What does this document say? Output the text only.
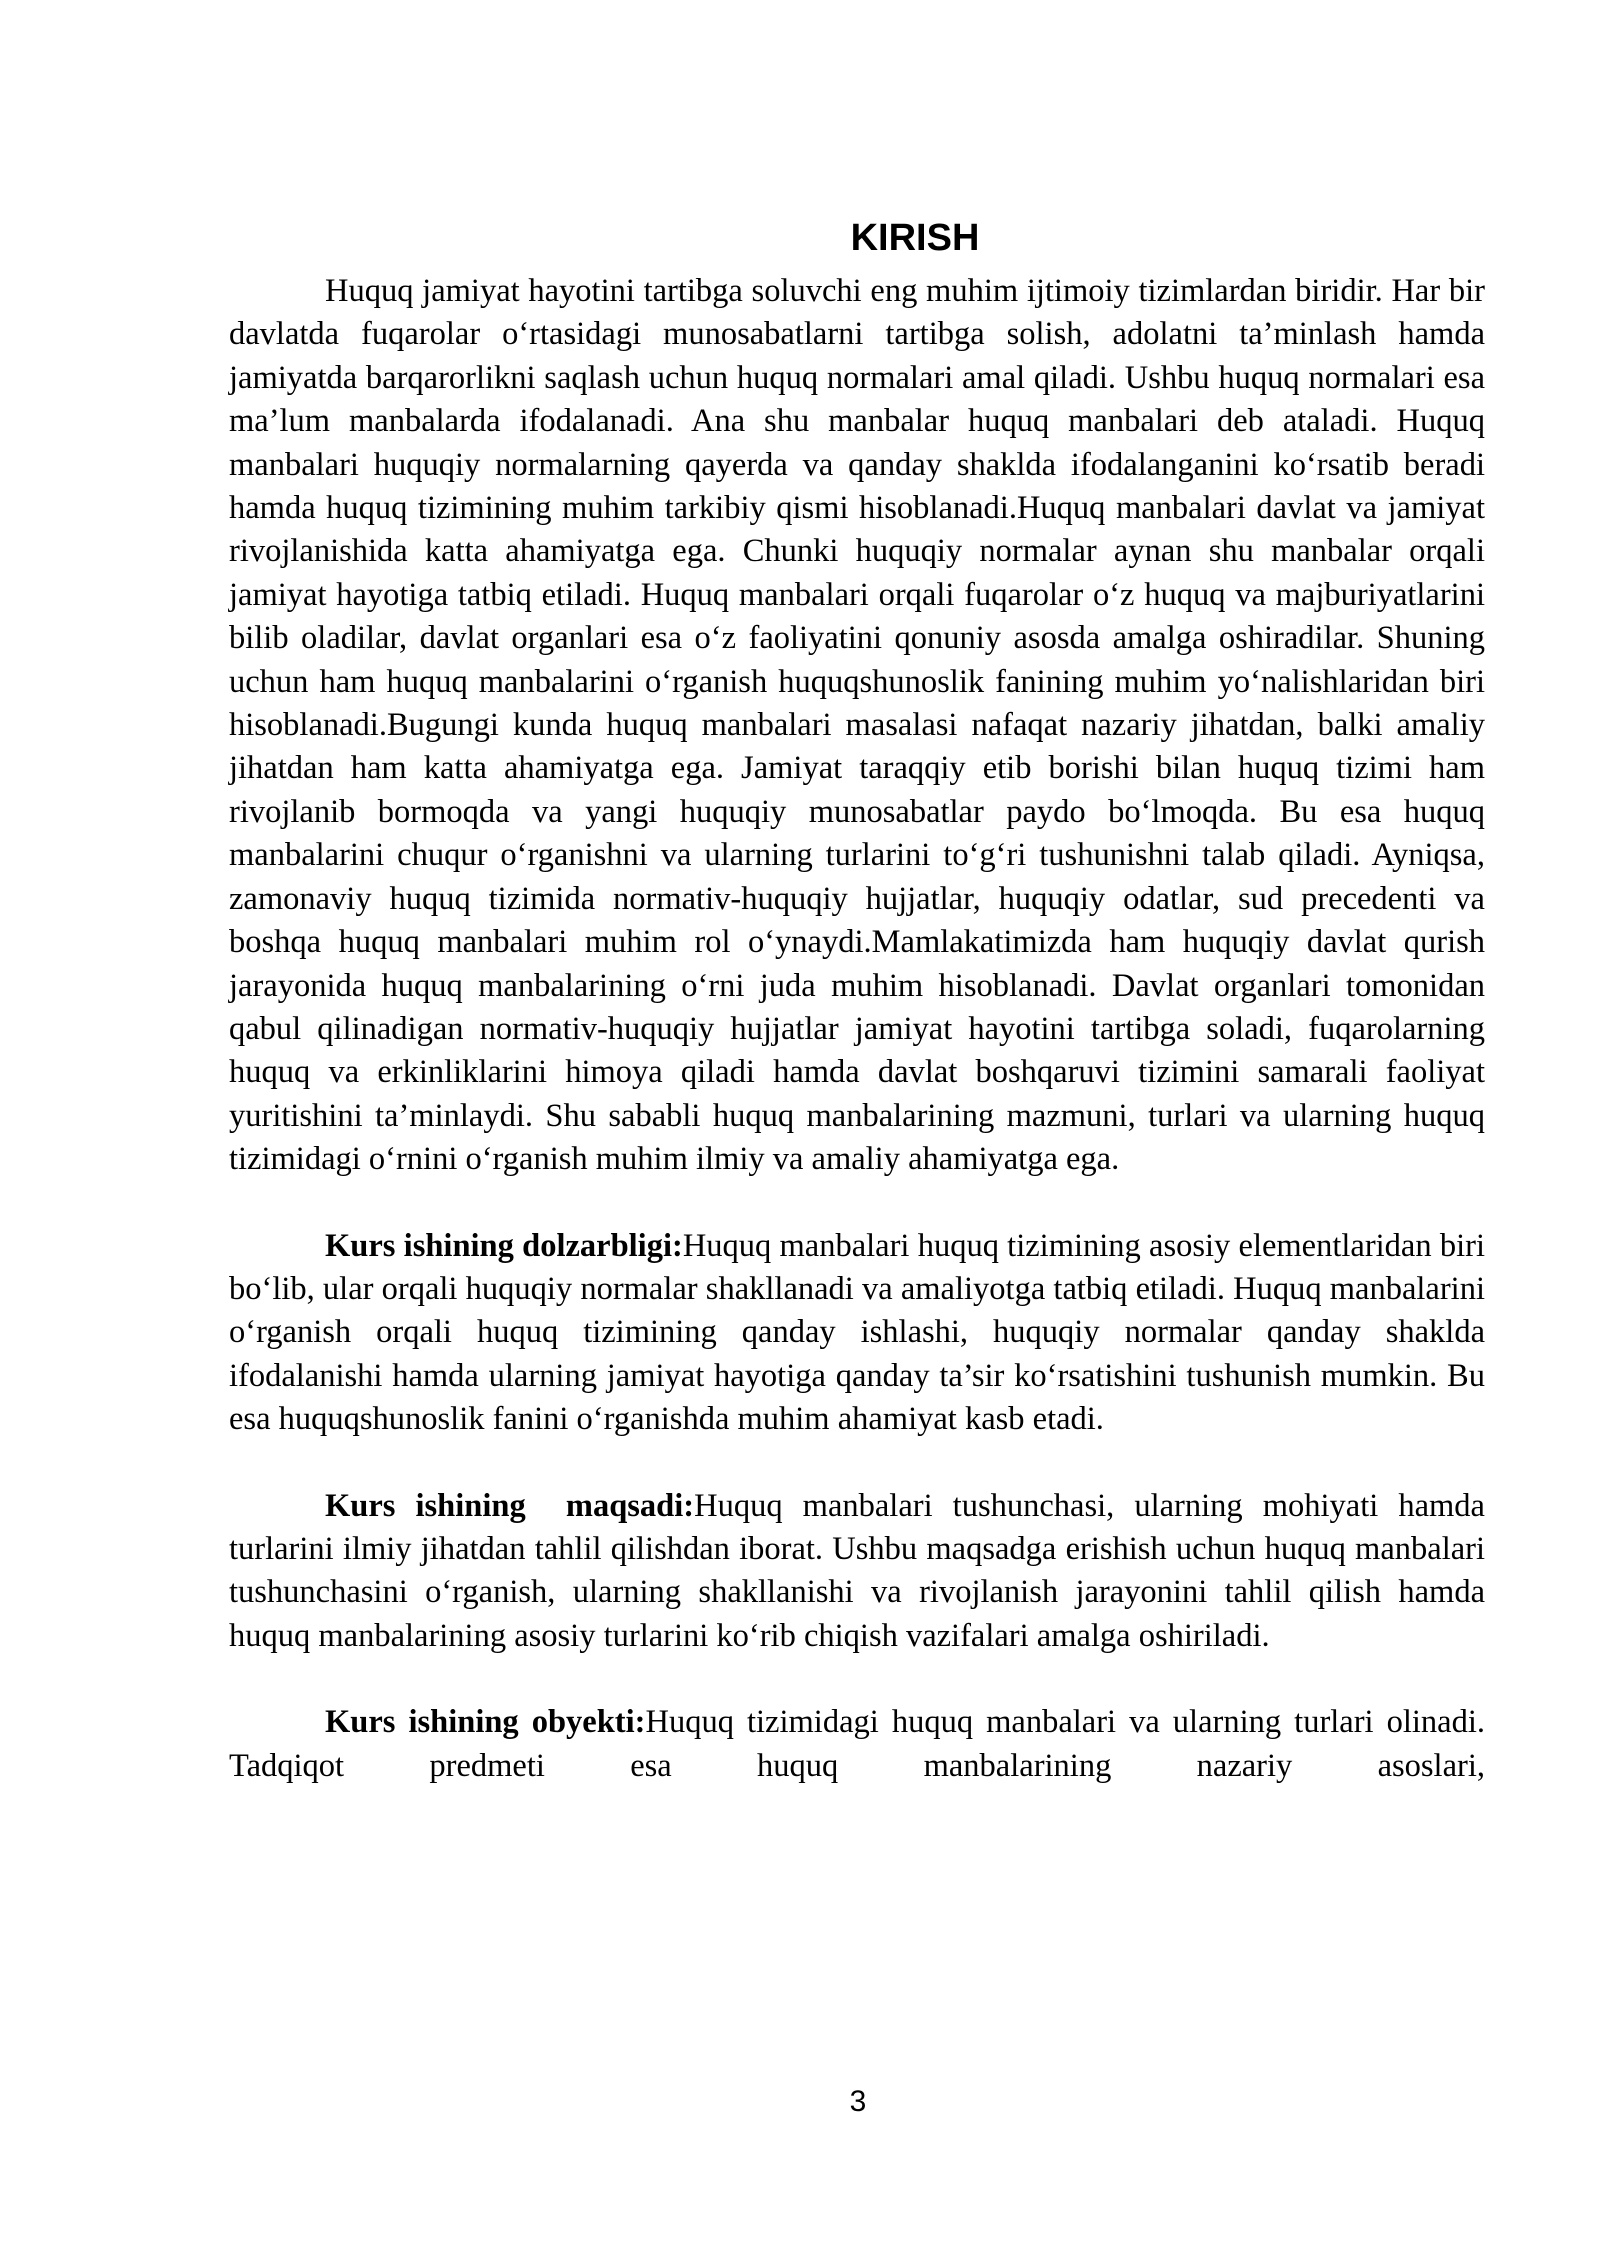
KIRISH

Huquq jamiyat hayotini tartibga soluvchi eng muhim ijtimoiy tizimlardan biridir. Har bir davlatda fuqarolar o‘rtasidagi munosabatlarni tartibga solish, adolatni ta’minlash hamda jamiyatda barqarorlikni saqlash uchun huquq normalari amal qiladi. Ushbu huquq normalari esa ma’lum manbalarda ifodalanadi. Ana shu manbalar huquq manbalari deb ataladi. Huquq manbalari huquqiy normalarning qayerda va qanday shaklda ifodalanganini ko‘rsatib beradi hamda huquq tizimining muhim tarkibiy qismi hisoblanadi.Huquq manbalari davlat va jamiyat rivojlanishida katta ahamiyatga ega. Chunki huquqiy normalar aynan shu manbalar orqali jamiyat hayotiga tatbiq etiladi. Huquq manbalari orqali fuqarolar o‘z huquq va majburiyatlarini bilib oladilar, davlat organlari esa o‘z faoliyatini qonuniy asosda amalga oshiradilar. Shuning uchun ham huquq manbalarini o‘rganish huquqshunoslik fanining muhim yo‘nalishlaridan biri hisoblanadi.Bugungi kunda huquq manbalari masalasi nafaqat nazariy jihatdan, balki amaliy jihatdan ham katta ahamiyatga ega. Jamiyat taraqqiy etib borishi bilan huquq tizimi ham rivojlanib bormoqda va yangi huquqiy munosabatlar paydo bo‘lmoqda. Bu esa huquq manbalarini chuqur o‘rganishni va ularning turlarini to‘g‘ri tushunishni talab qiladi. Ayniqsa, zamonaviy huquq tizimida normativ-huquqiy hujjatlar, huquqiy odatlar, sud precedenti va boshqa huquq manbalari muhim rol o‘ynaydi.Mamlakatimizda ham huquqiy davlat qurish jarayonida huquq manbalarining o‘rni juda muhim hisoblanadi. Davlat organlari tomonidan qabul qilinadigan normativ-huquqiy hujjatlar jamiyat hayotini tartibga soladi, fuqarolarning huquq va erkinliklarini himoya qiladi hamda davlat boshqaruvi tizimini samarali faoliyat yuritishini ta’minlaydi. Shu sababli huquq manbalarining mazmuni, turlari va ularning huquq tizimidagi o‘rnini o‘rganish muhim ilmiy va amaliy ahamiyatga ega.

Kurs ishining dolzarbligi:Huquq manbalari huquq tizimining asosiy elementlaridan biri bo‘lib, ular orqali huquqiy normalar shakllanadi va amaliyotga tatbiq etiladi. Huquq manbalarini o‘rganish orqali huquq tizimining qanday ishlashi, huquqiy normalar qanday shaklda ifodalanishi hamda ularning jamiyat hayotiga qanday ta’sir ko‘rsatishini tushunish mumkin. Bu esa huquqshunoslik fanini o‘rganishda muhim ahamiyat kasb etadi.

Kurs ishining  maqsadi:Huquq manbalari tushunchasi, ularning mohiyati hamda turlarini ilmiy jihatdan tahlil qilishdan iborat. Ushbu maqsadga erishish uchun huquq manbalari tushunchasini o‘rganish, ularning shakllanishi va rivojlanish jarayonini tahlil qilish hamda huquq manbalarining asosiy turlarini ko‘rib chiqish vazifalari amalga oshiriladi.

Kurs ishining obyekti:Huquq tizimidagi huquq manbalari va ularning turlari olinadi. Tadqiqot predmeti esa huquq manbalarining nazariy asoslari,

3
